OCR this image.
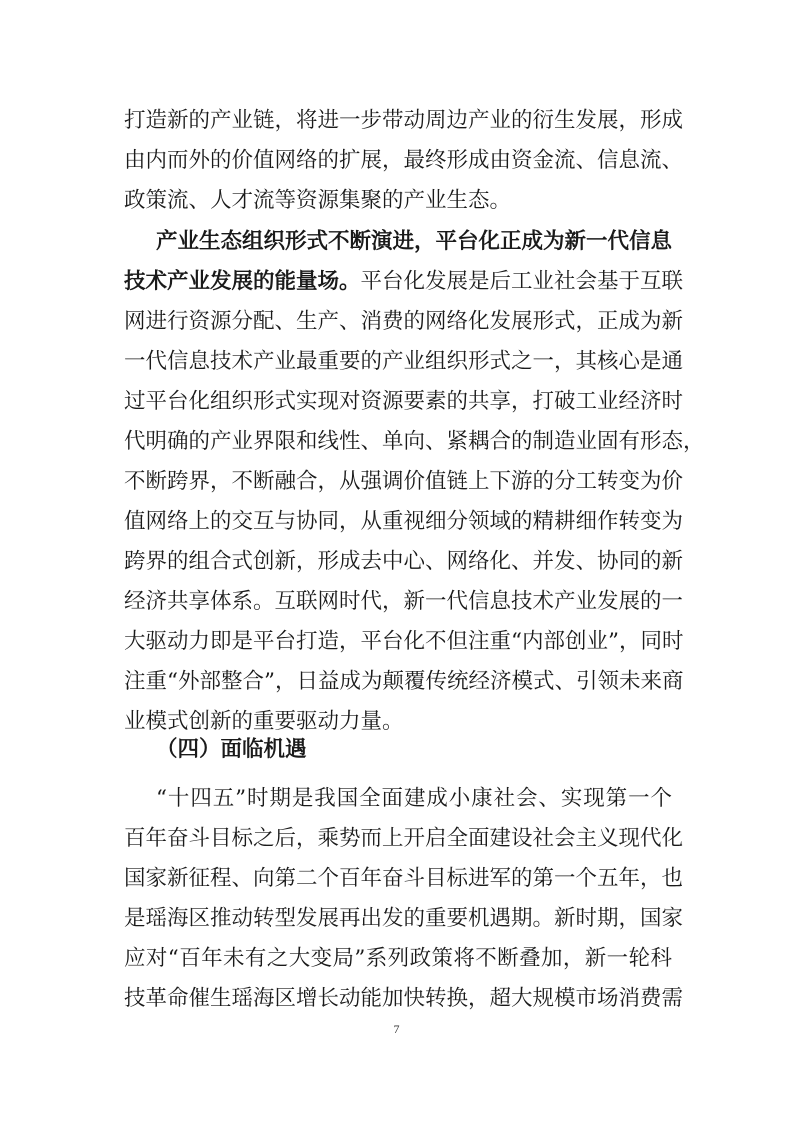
打造新的产业链，将进一步带动周边产业的衍生发展，形成
由内而外的价值网络的扩展，最终形成由资金流、信息流、
政策流、人才流等资源集聚的产业生态。
产业生态组织形式不断演进，平台化正成为新一代信息
技术产业发展的能量场。平台化发展是后工业社会基于互联
网进行资源分配、生产、消费的网络化发展形式，正成为新
一代信息技术产业最重要的产业组织形式之一，其核心是通
过平台化组织形式实现对资源要素的共享，打破工业经济时
代明确的产业界限和线性、单向、紧耦合的制造业固有形态，
不断跨界，不断融合，从强调价值链上下游的分工转变为价
值网络上的交互与协同，从重视细分领域的精耕细作转变为
跨界的组合式创新，形成去中心、网络化、并发、协同的新
经济共享体系。互联网时代，新一代信息技术产业发展的一
大驱动力即是平台打造，平台化不但注重“内部创业”，同时
注重“外部整合”，日益成为颠覆传统经济模式、引领未来商
业模式创新的重要驱动力量。
（四）面临机遇
“十四五”时期是我国全面建成小康社会、实现第一个
百年奋斗目标之后，乘势而上开启全面建设社会主义现代化
国家新征程、向第二个百年奋斗目标进军的第一个五年，也
是瑶海区推动转型发展再出发的重要机遇期。新时期，国家
应对“百年未有之大变局”系列政策将不断叠加，新一轮科
技革命催生瑶海区增长动能加快转换，超大规模市场消费需
7
